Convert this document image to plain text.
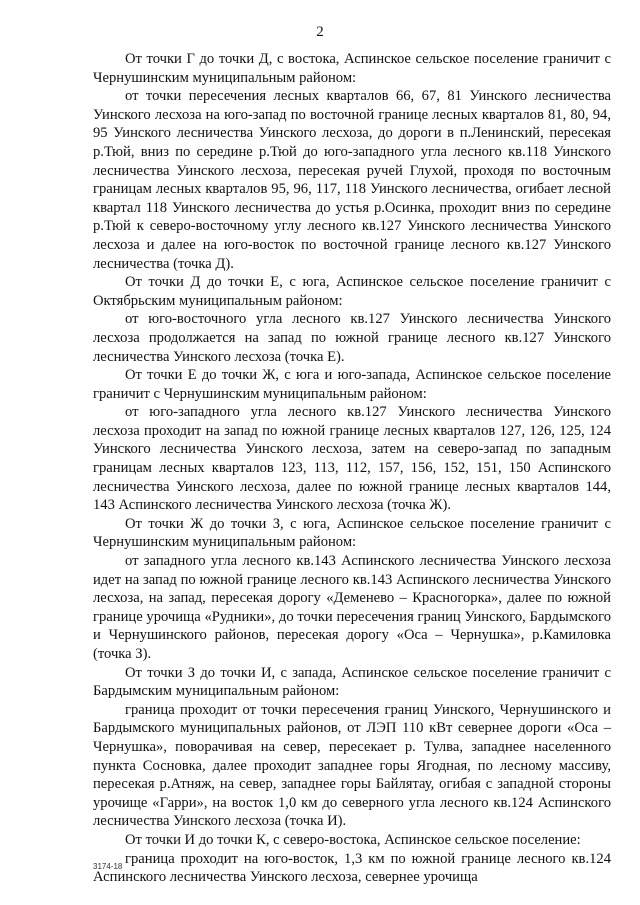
2

От точки Г до точки Д, с востока, Аспинское сельское поселение граничит с Чернушинским муниципальным районом:

от точки пересечения лесных кварталов 66, 67, 81 Уинского лесничества Уинского лесхоза на юго-запад по восточной границе лесных кварталов 81, 80, 94, 95 Уинского лесничества Уинского лесхоза, до дороги в п.Ленинский, пересекая р.Тюй, вниз по середине р.Тюй до юго-западного угла лесного кв.118 Уинского лесничества Уинского лесхоза, пересекая ручей Глухой, проходя по восточным границам лесных кварталов 95, 96, 117, 118 Уинского лесничества, огибает лесной квартал 118 Уинского лесничества до устья р.Осинка, проходит вниз по середине р.Тюй к северо-восточному углу лесного кв.127 Уинского лесничества Уинского лесхоза и далее на юго-восток по восточной границе лесного кв.127 Уинского лесничества (точка Д).

От точки Д до точки Е, с юга, Аспинское сельское поселение граничит с Октябрьским муниципальным районом:

от юго-восточного угла лесного кв.127 Уинского лесничества Уинского лесхоза продолжается на запад по южной границе лесного кв.127 Уинского лесничества Уинского лесхоза (точка Е).

От точки Е до точки Ж, с юга и юго-запада, Аспинское сельское поселение граничит с Чернушинским муниципальным районом:

от юго-западного угла лесного кв.127 Уинского лесничества Уинского лесхоза проходит на запад по южной границе лесных кварталов 127, 126, 125, 124 Уинского лесничества Уинского лесхоза, затем на северо-запад по западным границам лесных кварталов 123, 113, 112, 157, 156, 152, 151, 150 Аспинского лесничества Уинского лесхоза, далее по южной границе лесных кварталов 144, 143 Аспинского лесничества Уинского лесхоза (точка Ж).

От точки Ж до точки З, с юга, Аспинское сельское поселение граничит с Чернушинским муниципальным районом:

от западного угла лесного кв.143 Аспинского лесничества Уинского лесхоза идет на запад по южной границе лесного кв.143 Аспинского лесничества Уинского лесхоза, на запад, пересекая дорогу «Деменево – Красногорка», далее по южной границе урочища «Рудники», до точки пересечения границ Уинского, Бардымского и Чернушинского районов, пересекая дорогу «Оса – Чернушка», р.Камиловка (точка З).

От точки З до точки И, с запада, Аспинское сельское поселение граничит с Бардымским муниципальным районом:

граница проходит от точки пересечения границ Уинского, Чернушинского и Бардымского муниципальных районов, от ЛЭП 110 кВт севернее дороги «Оса – Чернушка», поворачивая на север, пересекает р. Тулва, западнее населенного пункта Сосновка, далее проходит западнее горы Ягодная, по лесному массиву, пересекая р.Атняж, на север, западнее горы Байлятау, огибая с западной стороны урочище «Гарри», на восток 1,0 км до северного угла лесного кв.124 Аспинского лесничества Уинского лесхоза (точка И).

От точки И до точки К, с северо-востока, Аспинское сельское поселение:

граница проходит на юго-восток, 1,3 км по южной границе лесного кв.124 Аспинского лесничества Уинского лесхоза, севернее урочища

3174-18
